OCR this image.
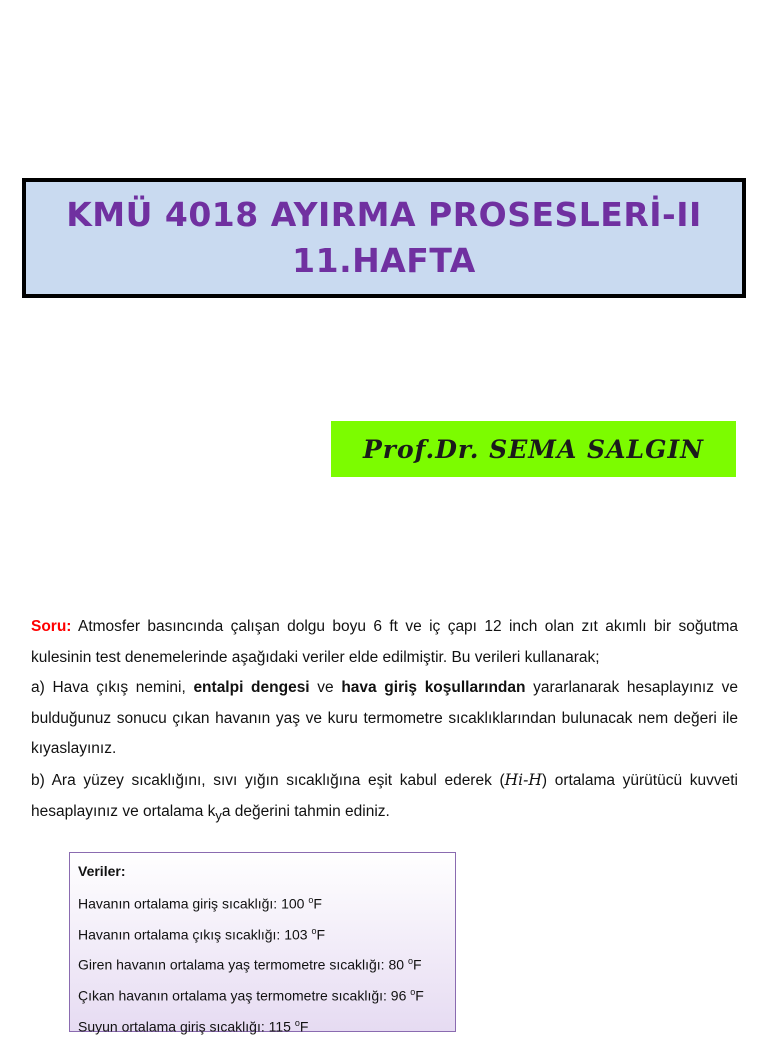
KMÜ 4018 AYIRMA PROSESLERİ-II
11.HAFTA
Prof.Dr. SEMA SALGIN

Soru: Atmosfer basıncında çalışan dolgu boyu 6 ft ve iç çapı 12 inch olan zıt akımlı bir soğutma kulesinin test denemelerinde aşağıdaki veriler elde edilmiştir. Bu verileri kullanarak;

a) Hava çıkış nemini, entalpi dengesi ve hava giriş koşullarından yararlanarak hesaplayınız ve bulduğunuz sonucu çıkan havanın yaş ve kuru termometre sıcaklıklarından bulunacak nem değeri ile kıyaslayınız.

b) Ara yüzey sıcaklığını, sıvı yığın sıcaklığına eşit kabul ederek (Hi-H) ortalama yürütücü kuvveti hesaplayınız ve ortalama $k_ya$ değerini tahmin ediniz.

Veriler:
Havanın ortalama giriş sıcaklığı: 100 $^o$F
Havanın ortalama çıkış sıcaklığı: 103 $^o$F
Giren havanın ortalama yaş termometre sıcaklığı: 80 $^o$F
Çıkan havanın ortalama yaş termometre sıcaklığı: 96 $^o$F
Suyun ortalama giriş sıcaklığı: 115 $^o$F
